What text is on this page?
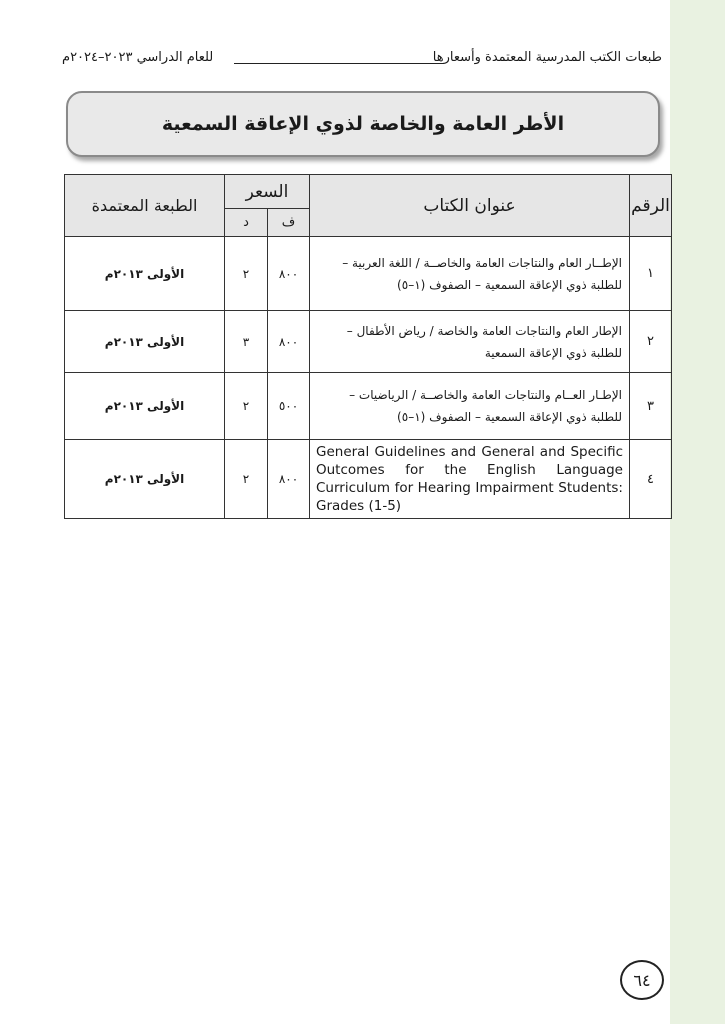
طبعات الكتب المدرسية المعتمدة وأسعارها
للعام الدراسي ٢٠٢٣–٢٠٢٤م
الأطر العامة والخاصة لذوي الإعاقة السمعية
الرقم	عنوان الكتاب	السعر		الطبعة المعتمدة
		ف	د	
١	الإطــار العام والنتاجات العامة والخاصــة / اللغة العربية – للطلبة ذوي الإعاقة السمعية – الصفوف (١–٥)	٨٠٠	٢	الأولى ٢٠١٣م
٢	الإطار العام والنتاجات العامة والخاصة / رياض الأطفال – للطلبة ذوي الإعاقة السمعية	٨٠٠	٣	الأولى ٢٠١٣م
٣	الإطـار العــام والنتاجات العامة والخاصــة / الرياضيات – للطلبة ذوي الإعاقة السمعية – الصفوف (١–٥)	٥٠٠	٢	الأولى ٢٠١٣م
٤	General Guidelines and General and Specific Outcomes for the English Language Curriculum for Hearing Impairment Students: Grades (1-5)	٨٠٠	٢	الأولى ٢٠١٣م
٦٤
